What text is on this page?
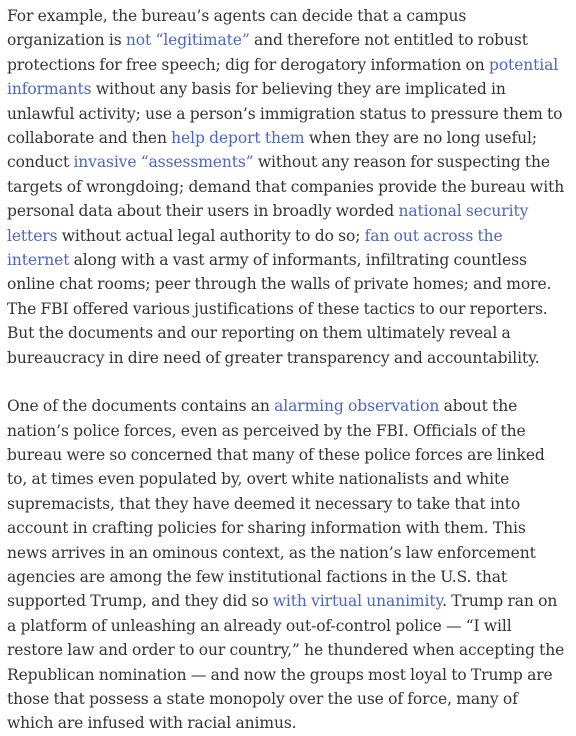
For example, the bureau’s agents can decide that a campus organization is not “legitimate” and therefore not entitled to robust protections for free speech; dig for derogatory information on potential informants without any basis for believing they are implicated in unlawful activity; use a person’s immigration status to pressure them to collaborate and then help deport them when they are no long useful; conduct invasive “assessments” without any reason for suspecting the targets of wrongdoing; demand that companies provide the bureau with personal data about their users in broadly worded national security letters without actual legal authority to do so; fan out across the internet along with a vast army of informants, infiltrating countless online chat rooms; peer through the walls of private homes; and more. The FBI offered various justifications of these tactics to our reporters. But the documents and our reporting on them ultimately reveal a bureaucracy in dire need of greater transparency and accountability.

One of the documents contains an alarming observation about the nation’s police forces, even as perceived by the FBI. Officials of the bureau were so concerned that many of these police forces are linked to, at times even populated by, overt white nationalists and white supremacists, that they have deemed it necessary to take that into account in crafting policies for sharing information with them. This news arrives in an ominous context, as the nation’s law enforcement agencies are among the few institutional factions in the U.S. that supported Trump, and they did so with virtual unanimity. Trump ran on a platform of unleashing an already out-of-control police — “I will restore law and order to our country,” he thundered when accepting the Republican nomination — and now the groups most loyal to Trump are those that possess a state monopoly over the use of force, many of which are infused with racial animus.
